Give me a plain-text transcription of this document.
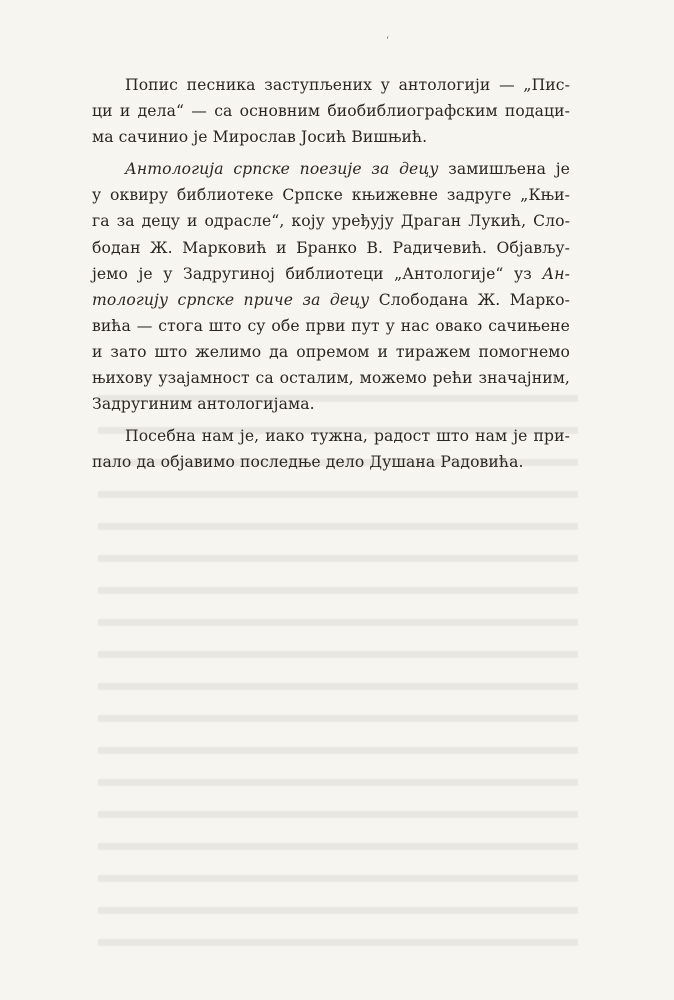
ʻ

Попис песника заступљених у антологији — „Пис-
ци и дела“ — са основним биобиблиографским подаци-
ма сачинио је Мирослав Јосић Вишњић.

Антологија српске поезије за децу замишљена је
у оквиру библиотеке Српске књижевне задруге „Књи-
га за децу и одрасле“, коју уређују Драган Лукић, Сло-
бодан Ж. Марковић и Бранко В. Радичевић. Објављу-
јемо је у Задругиној библиотеци „Антологије“ уз Ан-
тологију српске приче за децу Слободана Ж. Марко-
вића — стога што су обе први пут у нас овако сачињене
и зато што желимо да опремом и тиражем помогнемо
њихову узајамност са осталим, можемо рећи значајним,
Задругиним антологијама.

Посебна нам је, иако тужна, радост што нам је при-
пало да објавимо последње дело Душана Радовића.
